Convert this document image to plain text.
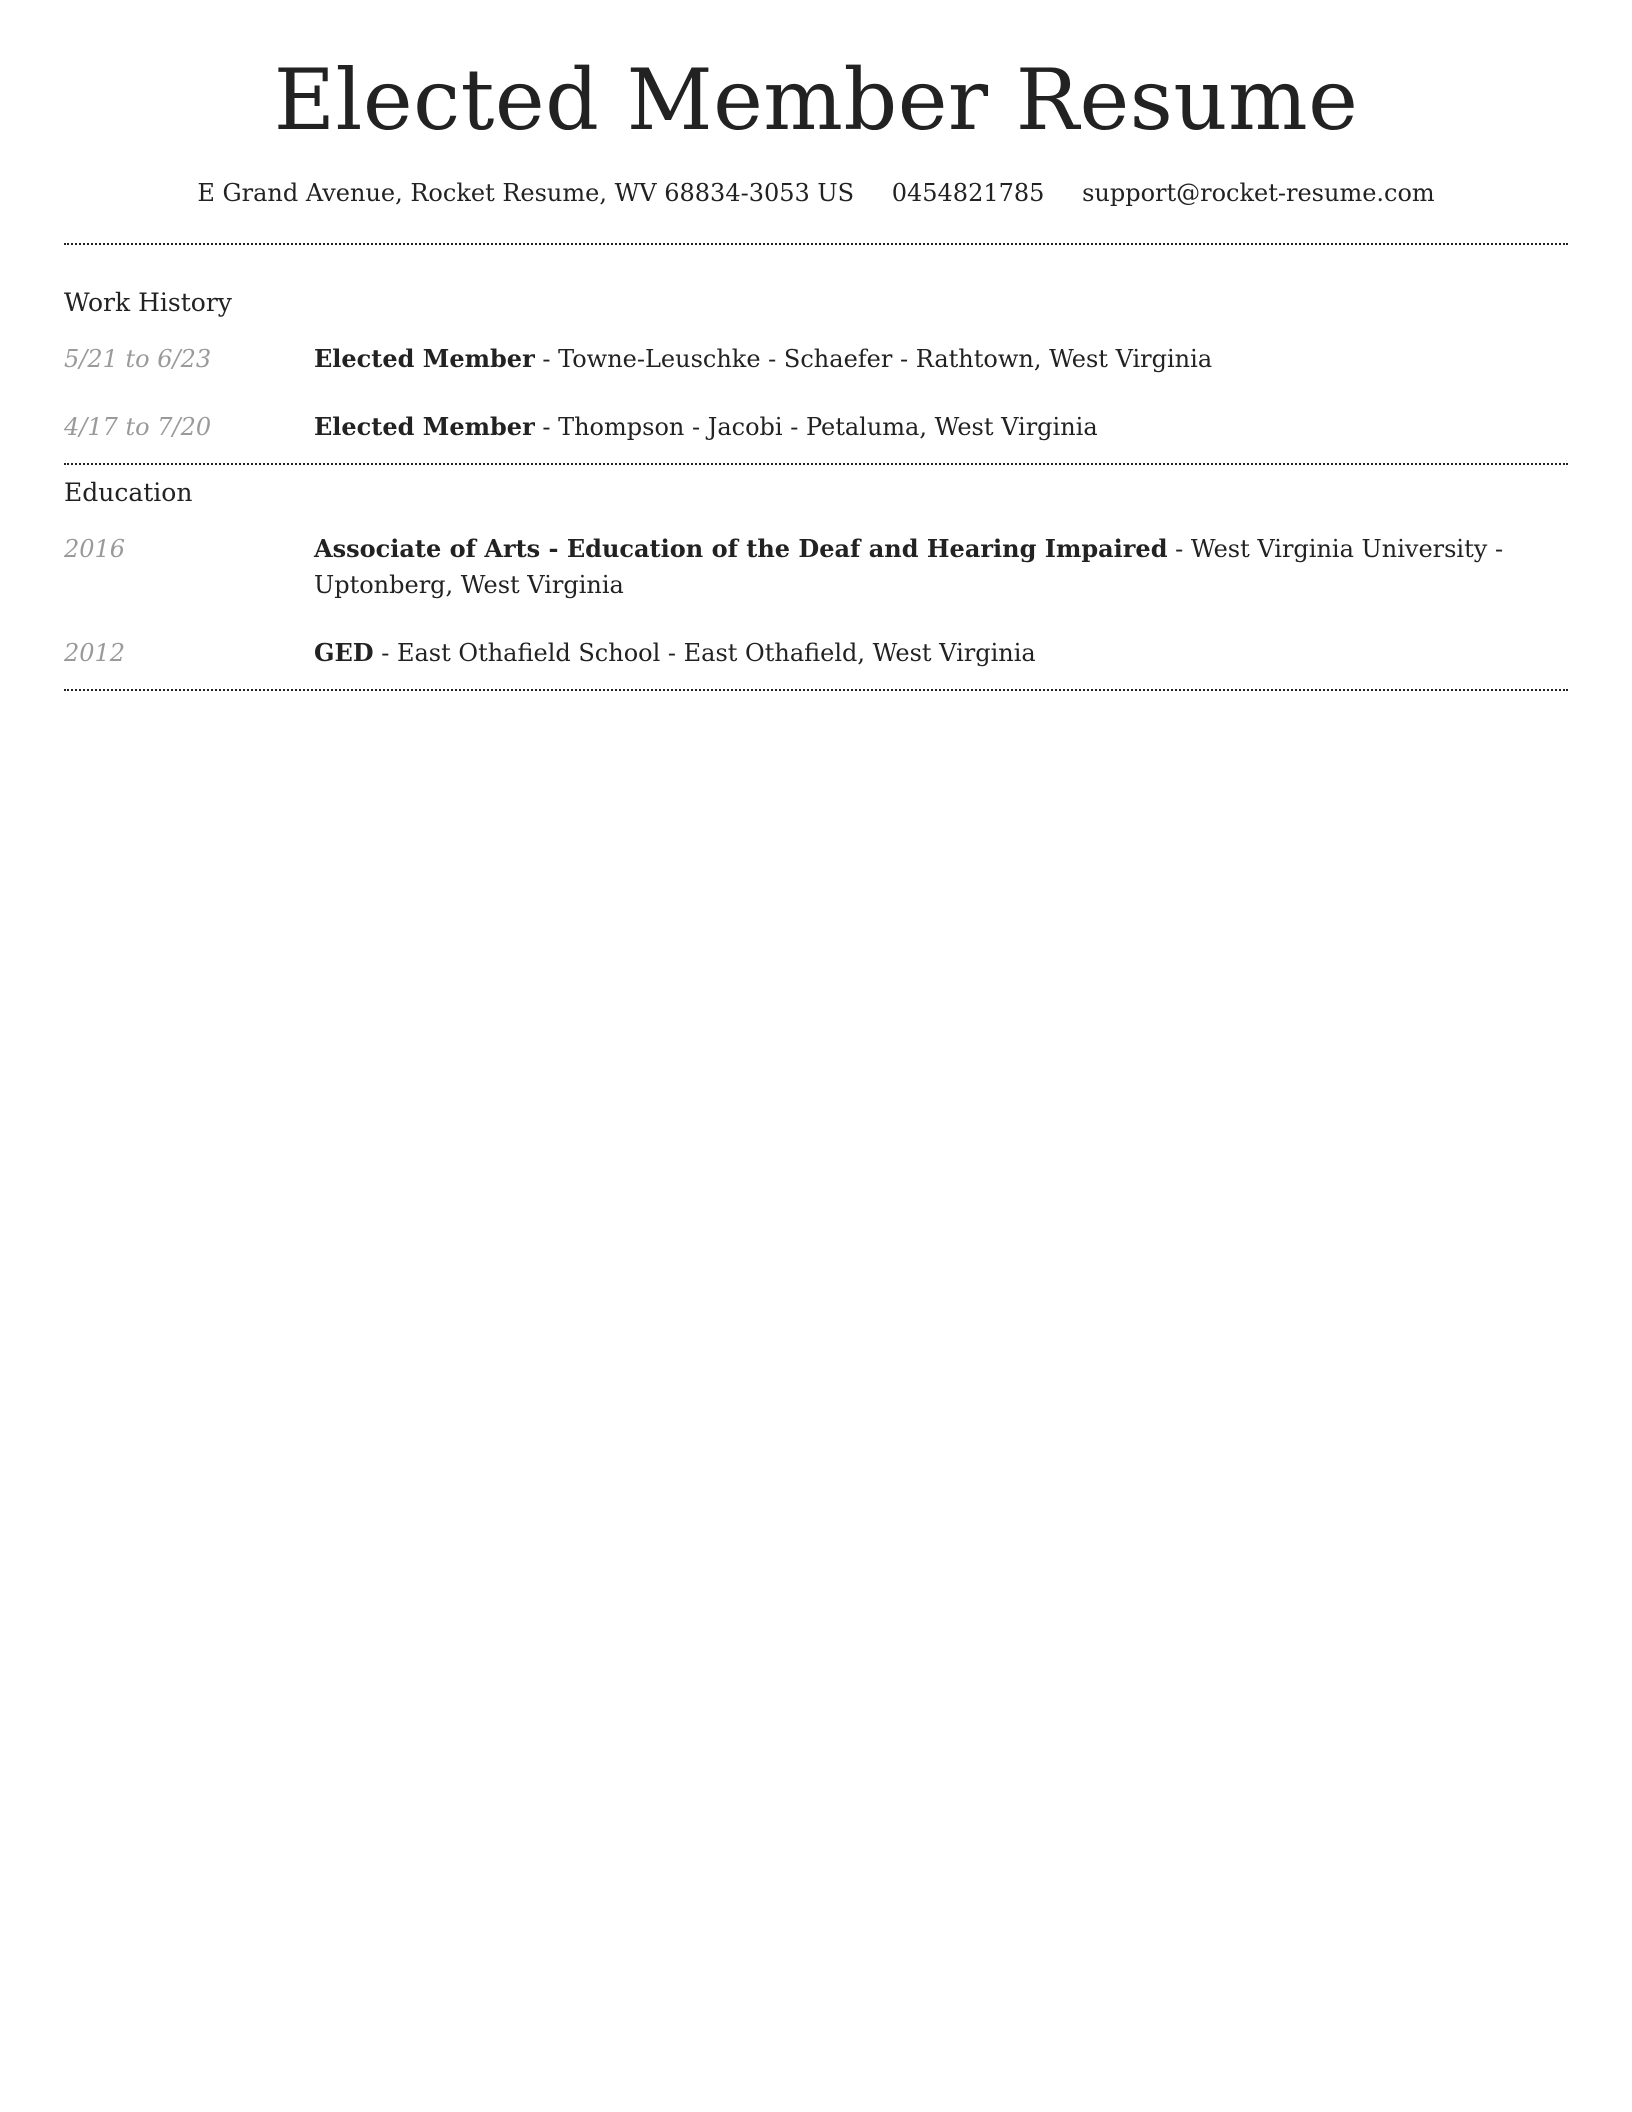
Elected Member Resume
E Grand Avenue, Rocket Resume, WV 68834-3053 US 0454821785 support@rocket-resume.com
Work History
5/21 to 6/23	Elected Member - Towne-Leuschke - Schaefer - Rathtown, West Virginia
4/17 to 7/20	Elected Member - Thompson - Jacobi - Petaluma, West Virginia
Education
2016	Associate of Arts - Education of the Deaf and Hearing Impaired - West Virginia University - Uptonberg, West Virginia
2012	GED - East Othafield School - East Othafield, West Virginia
